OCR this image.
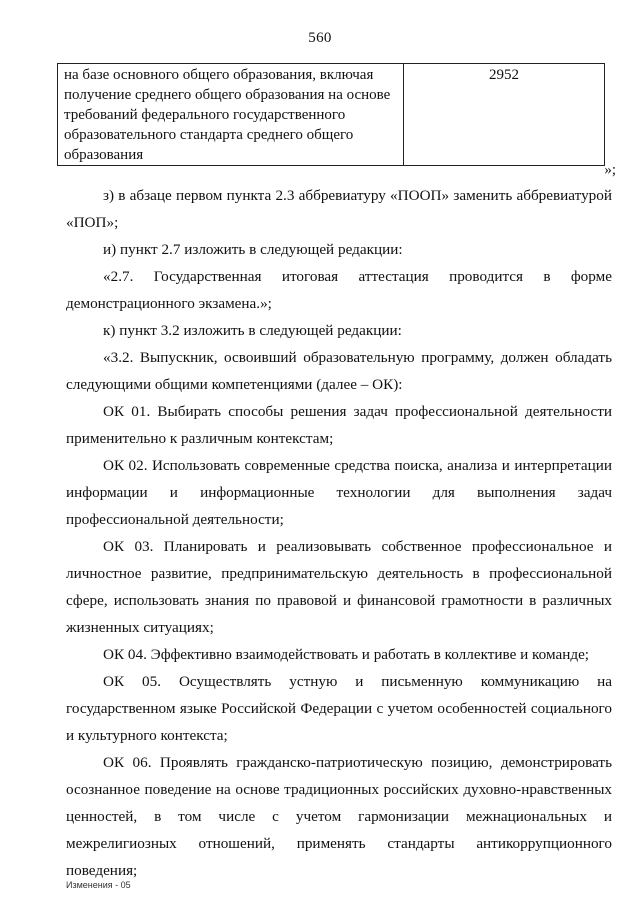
560
на базе основного общего образования, включая получение среднего общего образования на основе требований федерального государственного образовательного стандарта среднего общего образования	2952
»;

з) в абзаце первом пункта 2.3 аббревиатуру «ПООП» заменить аббревиатурой «ПОП»;

и) пункт 2.7 изложить в следующей редакции:

«2.7. Государственная итоговая аттестация проводится в форме демонстрационного экзамена.»;

к) пункт 3.2 изложить в следующей редакции:

«3.2. Выпускник, освоивший образовательную программу, должен обладать следующими общими компетенциями (далее – ОК):

ОК 01. Выбирать способы решения задач профессиональной деятельности применительно к различным контекстам;

ОК 02. Использовать современные средства поиска, анализа и интерпретации информации и информационные технологии для выполнения задач профессиональной деятельности;

ОК 03. Планировать и реализовывать собственное профессиональное и личностное развитие, предпринимательскую деятельность в профессиональной сфере, использовать знания по правовой и финансовой грамотности в различных жизненных ситуациях;

ОК 04. Эффективно взаимодействовать и работать в коллективе и команде;

ОК 05. Осуществлять устную и письменную коммуникацию на государственном языке Российской Федерации с учетом особенностей социального и культурного контекста;

ОК 06. Проявлять гражданско-патриотическую позицию, демонстрировать осознанное поведение на основе традиционных российских духовно-нравственных ценностей, в том числе с учетом гармонизации межнациональных и межрелигиозных отношений, применять стандарты антикоррупционного поведения;

Изменения - 05
